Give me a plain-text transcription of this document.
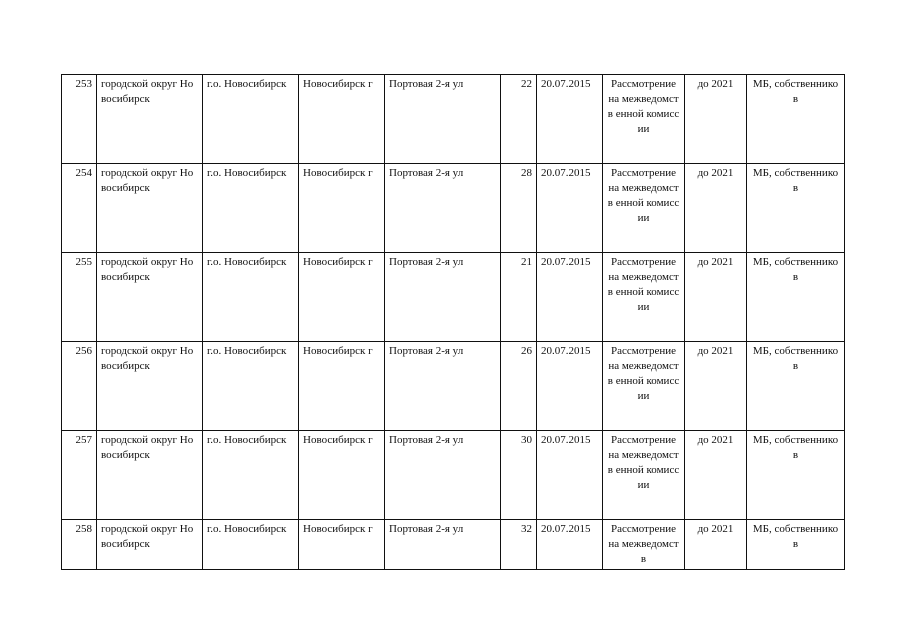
253	городской округ Новосибирск	г.о. Новосибирск	Новосибирск г	Портовая 2-я ул	22	20.07.2015	Рассмотрение на межведомств енной комиссии	до 2021	МБ, собственников
254	городской округ Новосибирск	г.о. Новосибирск	Новосибирск г	Портовая 2-я ул	28	20.07.2015	Рассмотрение на межведомств енной комиссии	до 2021	МБ, собственников
255	городской округ Новосибирск	г.о. Новосибирск	Новосибирск г	Портовая 2-я ул	21	20.07.2015	Рассмотрение на межведомств енной комиссии	до 2021	МБ, собственников
256	городской округ Новосибирск	г.о. Новосибирск	Новосибирск г	Портовая 2-я ул	26	20.07.2015	Рассмотрение на межведомств енной комиссии	до 2021	МБ, собственников
257	городской округ Новосибирск	г.о. Новосибирск	Новосибирск г	Портовая 2-я ул	30	20.07.2015	Рассмотрение на межведомств енной комиссии	до 2021	МБ, собственников
258	городской округ Новосибирск	г.о. Новосибирск	Новосибирск г	Портовая 2-я ул	32	20.07.2015	Рассмотрение на межведомств	до 2021	МБ, собственников
